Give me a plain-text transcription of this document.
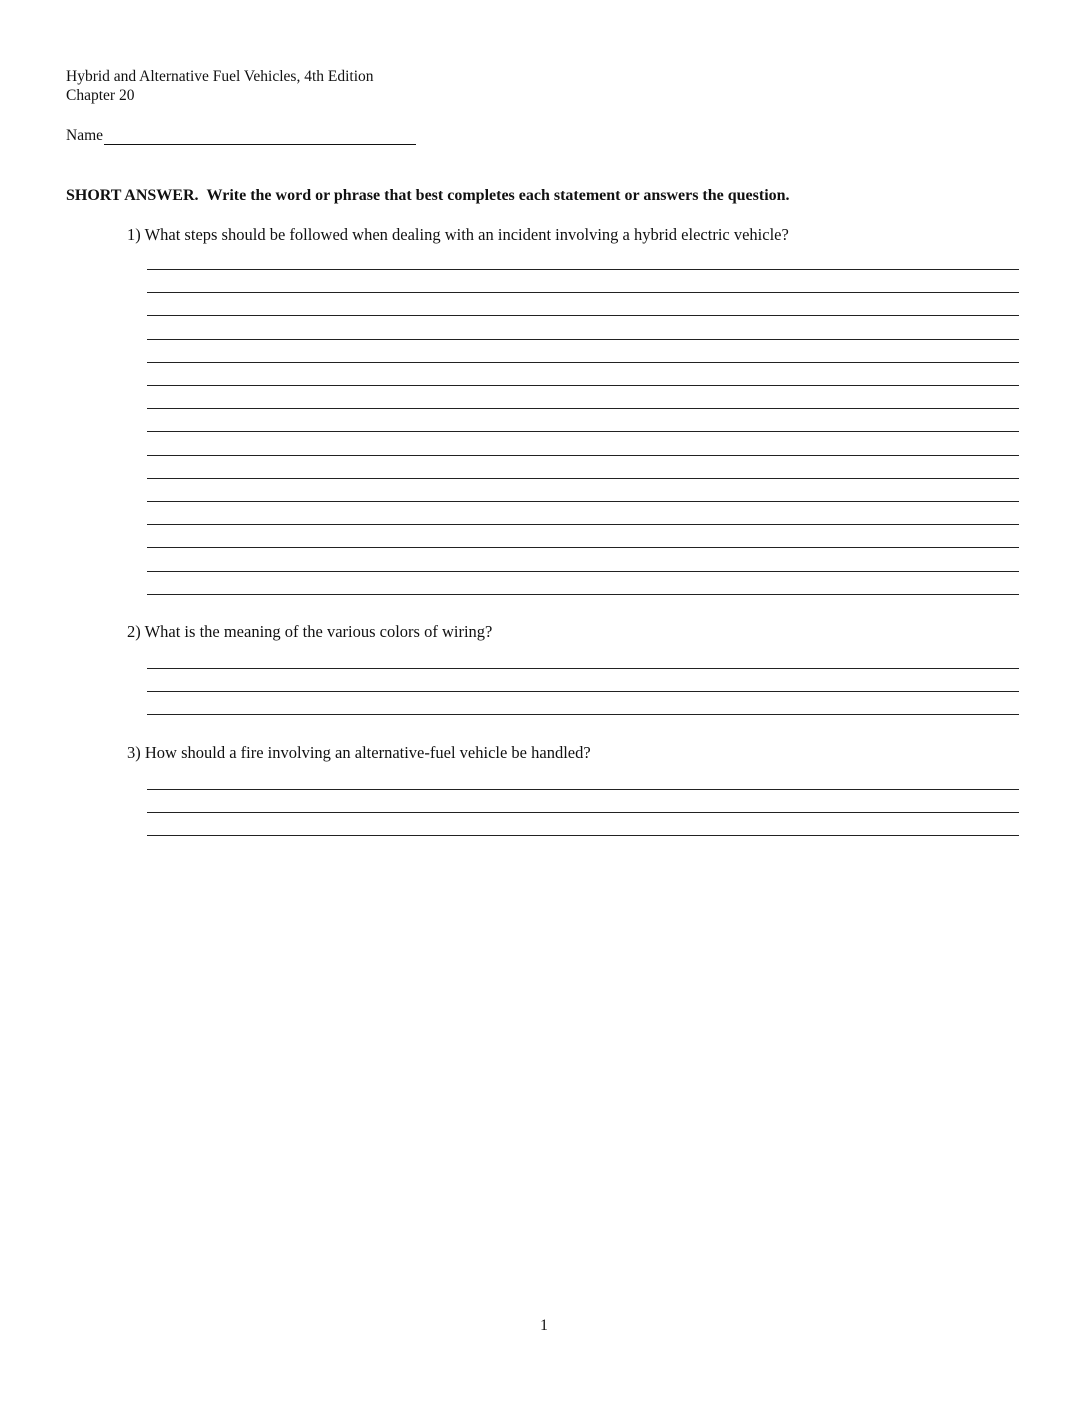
Hybrid and Alternative Fuel Vehicles, 4th Edition
Chapter 20
Name
SHORT ANSWER. Write the word or phrase that best completes each statement or answers the question.
1) What steps should be followed when dealing with an incident involving a hybrid electric vehicle?
2) What is the meaning of the various colors of wiring?
3) How should a fire involving an alternative-fuel vehicle be handled?
1
